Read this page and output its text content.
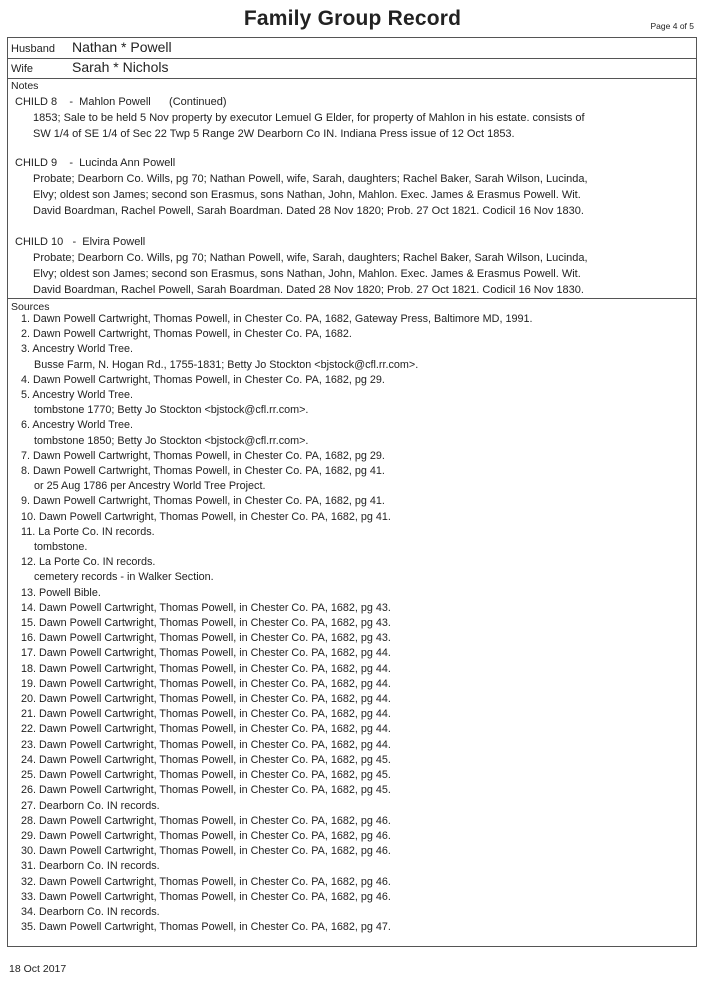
Family Group Record	Page 4 of 5
Husband Nathan * Powell
Wife	Sarah * Nichols
Notes
CHILD 8    -  Mahlon Powell      (Continued)
1853; Sale to be held 5 Nov property by executor Lemuel G Elder, for property of Mahlon in his estate. consists of
SW 1/4 of SE 1/4 of Sec 22 Twp 5 Range 2W Dearborn Co IN. Indiana Press issue of 12 Oct 1853.
CHILD 9    -  Lucinda Ann Powell
Probate; Dearborn Co. Wills, pg 70; Nathan Powell, wife, Sarah, daughters; Rachel Baker, Sarah Wilson, Lucinda,
Elvy; oldest son James; second son Erasmus, sons Nathan, John, Mahlon. Exec. James & Erasmus Powell. Wit.
David Boardman, Rachel Powell, Sarah Boardman. Dated 28 Nov 1820; Prob. 27 Oct 1821. Codicil 16 Nov 1830.
CHILD 10   -  Elvira Powell
Probate; Dearborn Co. Wills, pg 70; Nathan Powell, wife, Sarah, daughters; Rachel Baker, Sarah Wilson, Lucinda,
Elvy; oldest son James; second son Erasmus, sons Nathan, John, Mahlon. Exec. James & Erasmus Powell. Wit.
David Boardman, Rachel Powell, Sarah Boardman. Dated 28 Nov 1820; Prob. 27 Oct 1821. Codicil 16 Nov 1830.
Sources
1. Dawn Powell Cartwright, Thomas Powell, in Chester Co. PA, 1682, Gateway Press, Baltimore MD, 1991.
2. Dawn Powell Cartwright, Thomas Powell, in Chester Co. PA, 1682.
3. Ancestry World Tree.
Busse Farm, N. Hogan Rd., 1755-1831; Betty Jo Stockton <bjstock@cfl.rr.com>.
4. Dawn Powell Cartwright, Thomas Powell, in Chester Co. PA, 1682, pg 29.
5. Ancestry World Tree.
tombstone 1770; Betty Jo Stockton <bjstock@cfl.rr.com>.
6. Ancestry World Tree.
tombstone 1850; Betty Jo Stockton <bjstock@cfl.rr.com>.
7. Dawn Powell Cartwright, Thomas Powell, in Chester Co. PA, 1682, pg 29.
8. Dawn Powell Cartwright, Thomas Powell, in Chester Co. PA, 1682, pg 41.
or 25 Aug 1786 per Ancestry World Tree Project.
9. Dawn Powell Cartwright, Thomas Powell, in Chester Co. PA, 1682, pg 41.
10. Dawn Powell Cartwright, Thomas Powell, in Chester Co. PA, 1682, pg 41.
11. La Porte Co. IN records.
tombstone.
12. La Porte Co. IN records.
cemetery records - in Walker Section.
13. Powell Bible.
14. Dawn Powell Cartwright, Thomas Powell, in Chester Co. PA, 1682, pg 43.
15. Dawn Powell Cartwright, Thomas Powell, in Chester Co. PA, 1682, pg 43.
16. Dawn Powell Cartwright, Thomas Powell, in Chester Co. PA, 1682, pg 43.
17. Dawn Powell Cartwright, Thomas Powell, in Chester Co. PA, 1682, pg 44.
18. Dawn Powell Cartwright, Thomas Powell, in Chester Co. PA, 1682, pg 44.
19. Dawn Powell Cartwright, Thomas Powell, in Chester Co. PA, 1682, pg 44.
20. Dawn Powell Cartwright, Thomas Powell, in Chester Co. PA, 1682, pg 44.
21. Dawn Powell Cartwright, Thomas Powell, in Chester Co. PA, 1682, pg 44.
22. Dawn Powell Cartwright, Thomas Powell, in Chester Co. PA, 1682, pg 44.
23. Dawn Powell Cartwright, Thomas Powell, in Chester Co. PA, 1682, pg 44.
24. Dawn Powell Cartwright, Thomas Powell, in Chester Co. PA, 1682, pg 45.
25. Dawn Powell Cartwright, Thomas Powell, in Chester Co. PA, 1682, pg 45.
26. Dawn Powell Cartwright, Thomas Powell, in Chester Co. PA, 1682, pg 45.
27. Dearborn Co. IN records.
28. Dawn Powell Cartwright, Thomas Powell, in Chester Co. PA, 1682, pg 46.
29. Dawn Powell Cartwright, Thomas Powell, in Chester Co. PA, 1682, pg 46.
30. Dawn Powell Cartwright, Thomas Powell, in Chester Co. PA, 1682, pg 46.
31. Dearborn Co. IN records.
32. Dawn Powell Cartwright, Thomas Powell, in Chester Co. PA, 1682, pg 46.
33. Dawn Powell Cartwright, Thomas Powell, in Chester Co. PA, 1682, pg 46.
34. Dearborn Co. IN records.
35. Dawn Powell Cartwright, Thomas Powell, in Chester Co. PA, 1682, pg 47.
18 Oct 2017
